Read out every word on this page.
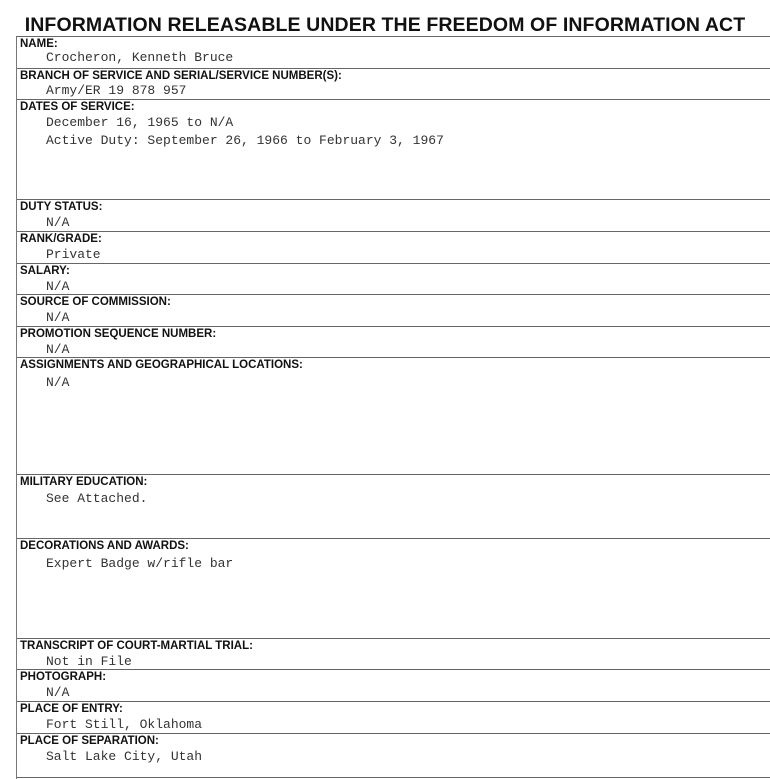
INFORMATION RELEASABLE UNDER THE FREEDOM OF INFORMATION ACT
NAME:
Crocheron, Kenneth Bruce
BRANCH OF SERVICE AND SERIAL/SERVICE NUMBER(S):
Army/ER 19 878 957
DATES OF SERVICE:
December 16, 1965 to N/A
Active Duty: September 26, 1966 to February 3, 1967
DUTY STATUS:
N/A
RANK/GRADE:
Private
SALARY:
N/A
SOURCE OF COMMISSION:
N/A
PROMOTION SEQUENCE NUMBER:
N/A
ASSIGNMENTS AND GEOGRAPHICAL LOCATIONS:
N/A
MILITARY EDUCATION:
See Attached.
DECORATIONS AND AWARDS:
Expert Badge w/rifle bar
TRANSCRIPT OF COURT-MARTIAL TRIAL:
Not in File
PHOTOGRAPH:
N/A
PLACE OF ENTRY:
Fort Still, Oklahoma
PLACE OF SEPARATION:
Salt Lake City, Utah
